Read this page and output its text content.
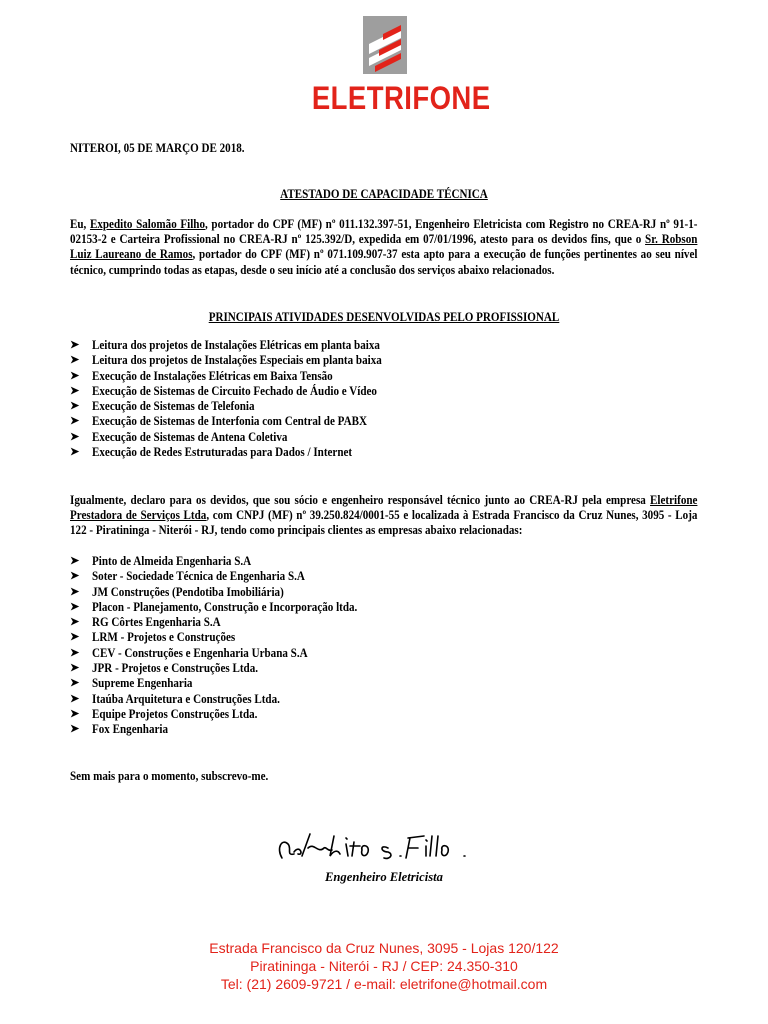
ELETRIFONE
NITEROI, 05 DE MARÇO DE 2018.
ATESTADO DE CAPACIDADE TÉCNICA
Eu, Expedito Salomão Filho, portador do CPF (MF) nº 011.132.397-51, Engenheiro Eletricista com Registro no CREA-RJ nº 91-1-02153-2 e Carteira Profissional no CREA-RJ nº 125.392/D, expedida em 07/01/1996, atesto para os devidos fins, que o Sr. Robson Luiz Laureano de Ramos, portador do CPF (MF) nº 071.109.907-37 esta apto para a execução de funções pertinentes ao seu nível técnico, cumprindo todas as etapas, desde o seu início até a conclusão dos serviços abaixo relacionados.
PRINCIPAIS ATIVIDADES DESENVOLVIDAS PELO PROFISSIONAL
➤	Leitura dos projetos de Instalações Elétricas em planta baixa
➤	Leitura dos projetos de Instalações Especiais em planta baixa
➤	Execução de Instalações Elétricas em Baixa Tensão
➤	Execução de Sistemas de Circuito Fechado de Áudio e Vídeo
➤	Execução de Sistemas de Telefonia
➤	Execução de Sistemas de Interfonia com Central de PABX
➤	Execução de Sistemas de Antena Coletiva
➤	Execução de Redes Estruturadas para Dados / Internet
Igualmente, declaro para os devidos, que sou sócio e engenheiro responsável técnico junto ao CREA-RJ pela empresa Eletrifone Prestadora de Serviços Ltda, com CNPJ (MF) nº 39.250.824/0001-55 e localizada à Estrada Francisco da Cruz Nunes, 3095 - Loja 122 - Piratininga - Niterói - RJ, tendo como principais clientes as empresas abaixo relacionadas:
➤	Pinto de Almeida Engenharia S.A
➤	Soter - Sociedade Técnica de Engenharia S.A
➤	JM Construções (Pendotiba Imobiliária)
➤	Placon - Planejamento, Construção e Incorporação ltda.
➤	RG Côrtes Engenharia S.A
➤	LRM - Projetos e Construções
➤	CEV - Construções e Engenharia Urbana S.A
➤	JPR - Projetos e Construções Ltda.
➤	Supreme Engenharia
➤	Itaúba Arquitetura e Construções Ltda.
➤	Equipe Projetos Construções Ltda.
➤	Fox Engenharia
Sem mais para o momento, subscrevo-me.
Engenheiro Eletricista
Estrada Francisco da Cruz Nunes, 3095 - Lojas 120/122
Piratininga - Niterói - RJ / CEP: 24.350-310
Tel: (21) 2609-9721 / e-mail: eletrifone@hotmail.com
